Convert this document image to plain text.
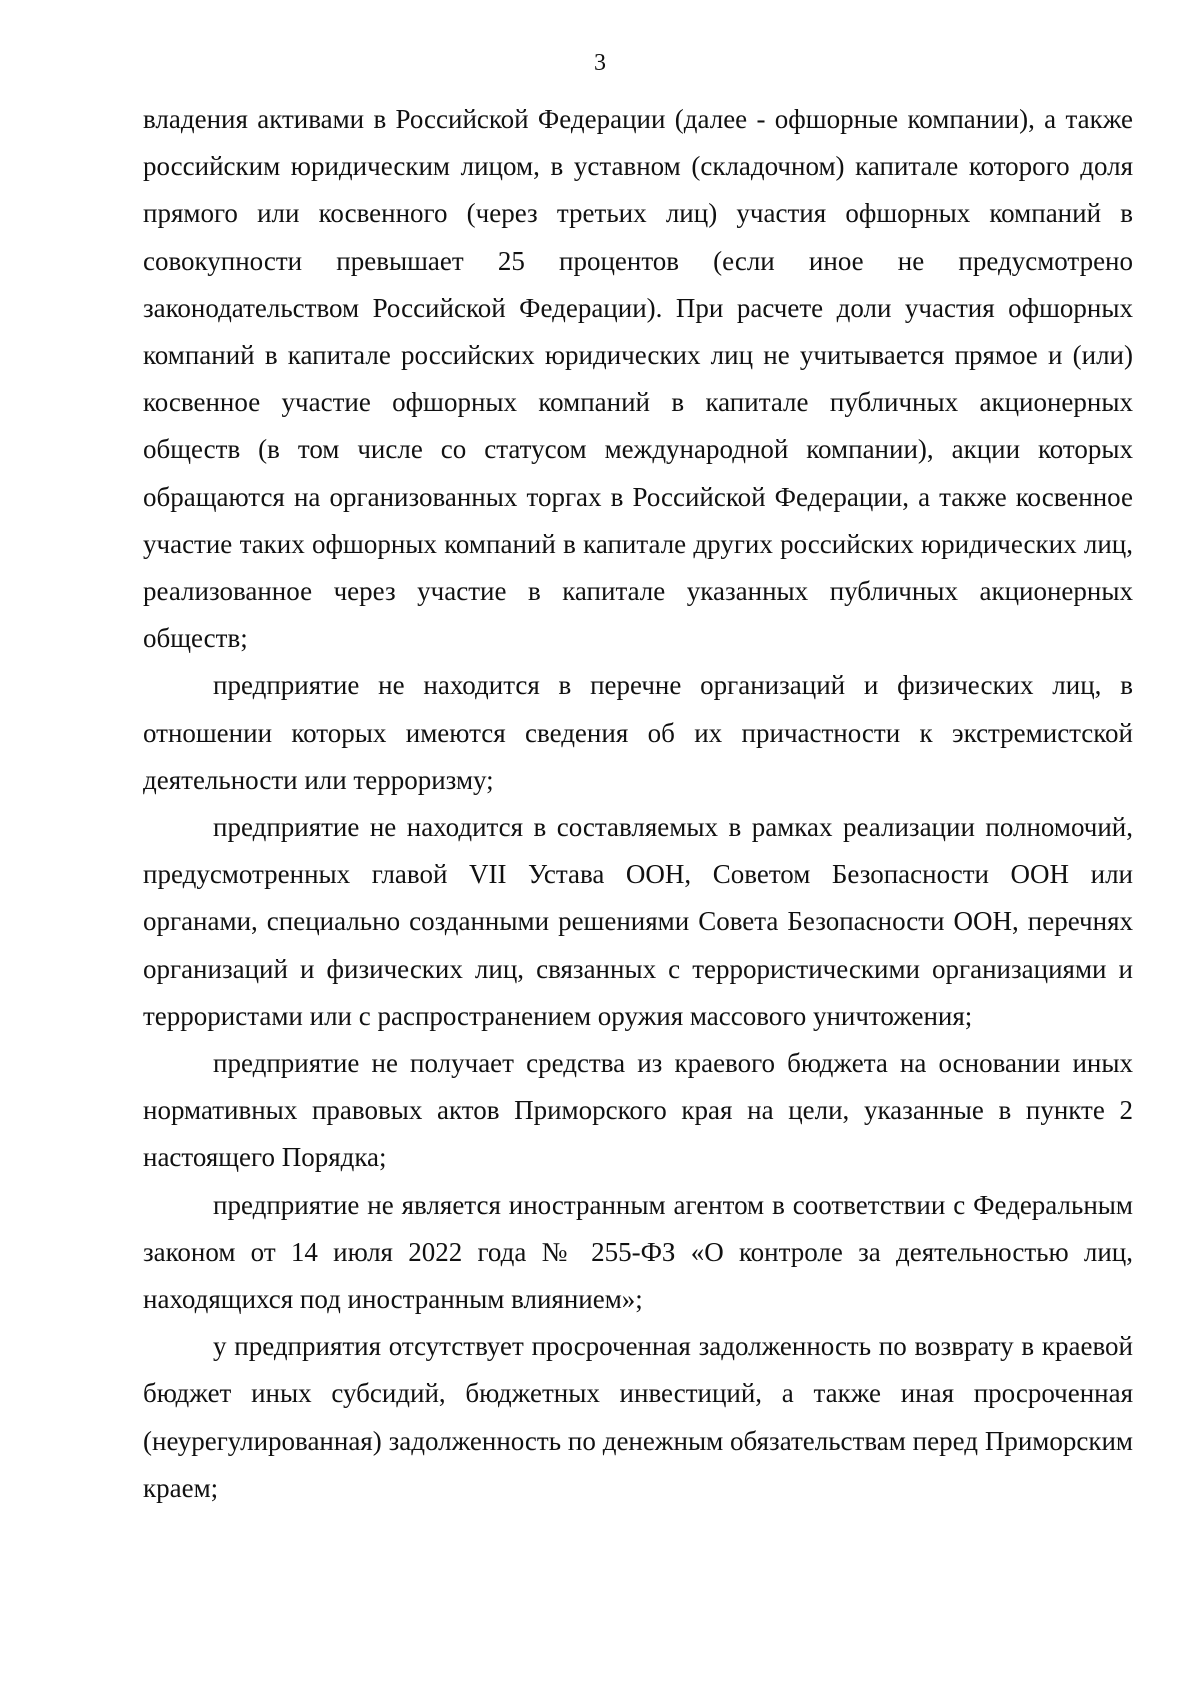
3

владения активами в Российской Федерации (далее - офшорные компании), а также российским юридическим лицом, в уставном (складочном) капитале которого доля прямого или косвенного (через третьих лиц) участия офшорных компаний в совокупности превышает 25 процентов (если иное не предусмотрено законодательством Российской Федерации). При расчете доли участия офшорных компаний в капитале российских юридических лиц не учитывается прямое и (или) косвенное участие офшорных компаний в капитале публичных акционерных обществ (в том числе со статусом международной компании), акции которых обращаются на организованных торгах в Российской Федерации, а также косвенное участие таких офшорных компаний в капитале других российских юридических лиц, реализованное через участие в капитале указанных публичных акционерных обществ;

предприятие не находится в перечне организаций и физических лиц, в отношении которых имеются сведения об их причастности к экстремистской деятельности или терроризму;

предприятие не находится в составляемых в рамках реализации полномочий, предусмотренных главой VII Устава ООН, Советом Безопасности ООН или органами, специально созданными решениями Совета Безопасности ООН, перечнях организаций и физических лиц, связанных с террористическими организациями и террористами или с распространением оружия массового уничтожения;

предприятие не получает средства из краевого бюджета на основании иных нормативных правовых актов Приморского края на цели, указанные в пункте 2 настоящего Порядка;

предприятие не является иностранным агентом в соответствии с Федеральным законом от 14 июля 2022 года № 255-ФЗ «О контроле за деятельностью лиц, находящихся под иностранным влиянием»;

у предприятия отсутствует просроченная задолженность по возврату в краевой бюджет иных субсидий, бюджетных инвестиций, а также иная просроченная (неурегулированная) задолженность по денежным обязательствам перед Приморским краем;
